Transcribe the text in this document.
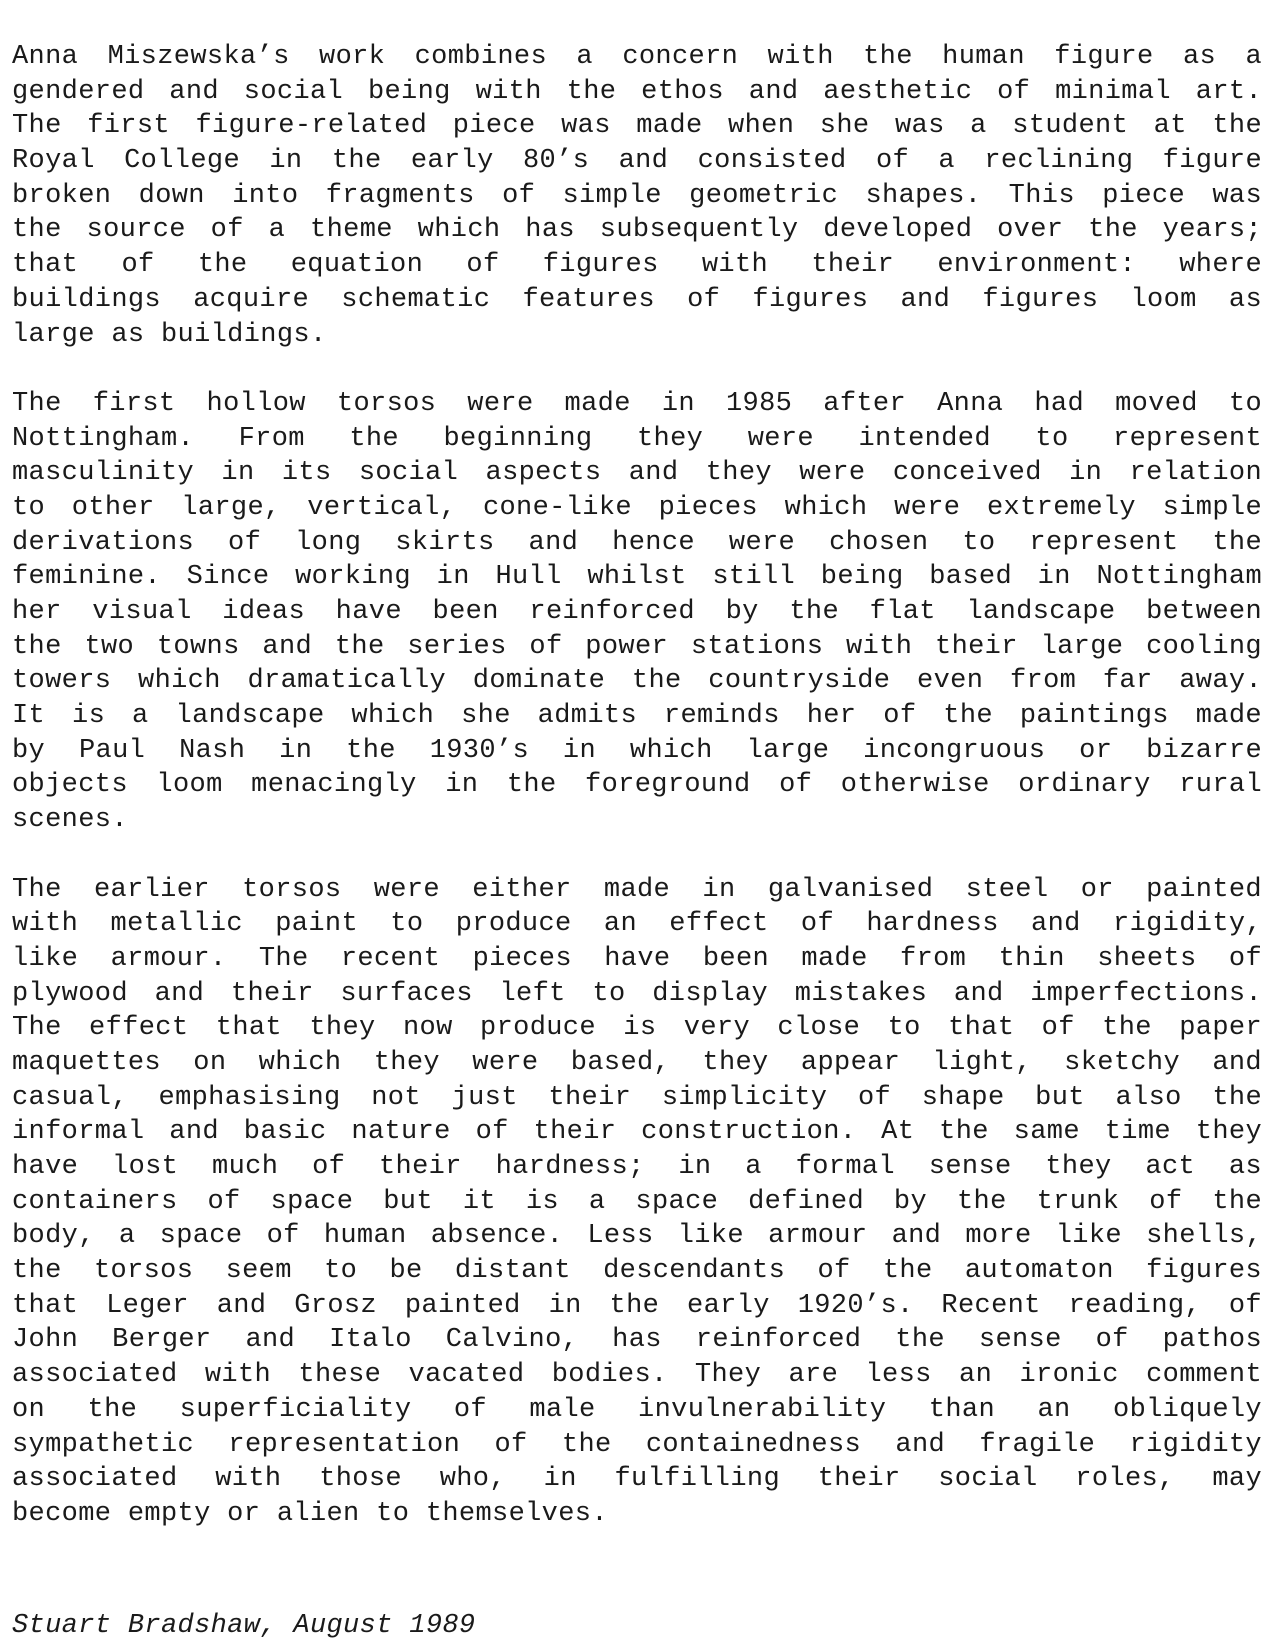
Anna Miszewska’s work combines a concern with the human figure as a
gendered and social being with the ethos and aesthetic of minimal art.
The first figure-related piece was made when she was a student at the
Royal College in the early 80’s and consisted of a reclining figure
broken down into fragments of simple geometric shapes. This piece was
the source of a theme which has subsequently developed over the years;
that of the equation of figures with their environment: where
buildings acquire schematic features of figures and figures loom as
large as buildings.
The first hollow torsos were made in 1985 after Anna had moved to
Nottingham. From the beginning they were intended to represent
masculinity in its social aspects and they were conceived in relation
to other large, vertical, cone-like pieces which were extremely simple
derivations of long skirts and hence were chosen to represent the
feminine. Since working in Hull whilst still being based in Nottingham
her visual ideas have been reinforced by the flat landscape between
the two towns and the series of power stations with their large cooling
towers which dramatically dominate the countryside even from far away.
It is a landscape which she admits reminds her of the paintings made
by Paul Nash in the 1930’s in which large incongruous or bizarre
objects loom menacingly in the foreground of otherwise ordinary rural
scenes.
The earlier torsos were either made in galvanised steel or painted
with metallic paint to produce an effect of hardness and rigidity,
like armour. The recent pieces have been made from thin sheets of
plywood and their surfaces left to display mistakes and imperfections.
The effect that they now produce is very close to that of the paper
maquettes on which they were based, they appear light, sketchy and
casual, emphasising not just their simplicity of shape but also the
informal and basic nature of their construction. At the same time they
have lost much of their hardness; in a formal sense they act as
containers of space but it is a space defined by the trunk of the
body, a space of human absence. Less like armour and more like shells,
the torsos seem to be distant descendants of the automaton figures
that Leger and Grosz painted in the early 1920’s. Recent reading, of
John Berger and Italo Calvino, has reinforced the sense of pathos
associated with these vacated bodies. They are less an ironic comment
on the superficiality of male invulnerability than an obliquely
sympathetic representation of the containedness and fragile rigidity
associated with those who, in fulfilling their social roles, may
become empty or alien to themselves.
Stuart Bradshaw, August 1989
